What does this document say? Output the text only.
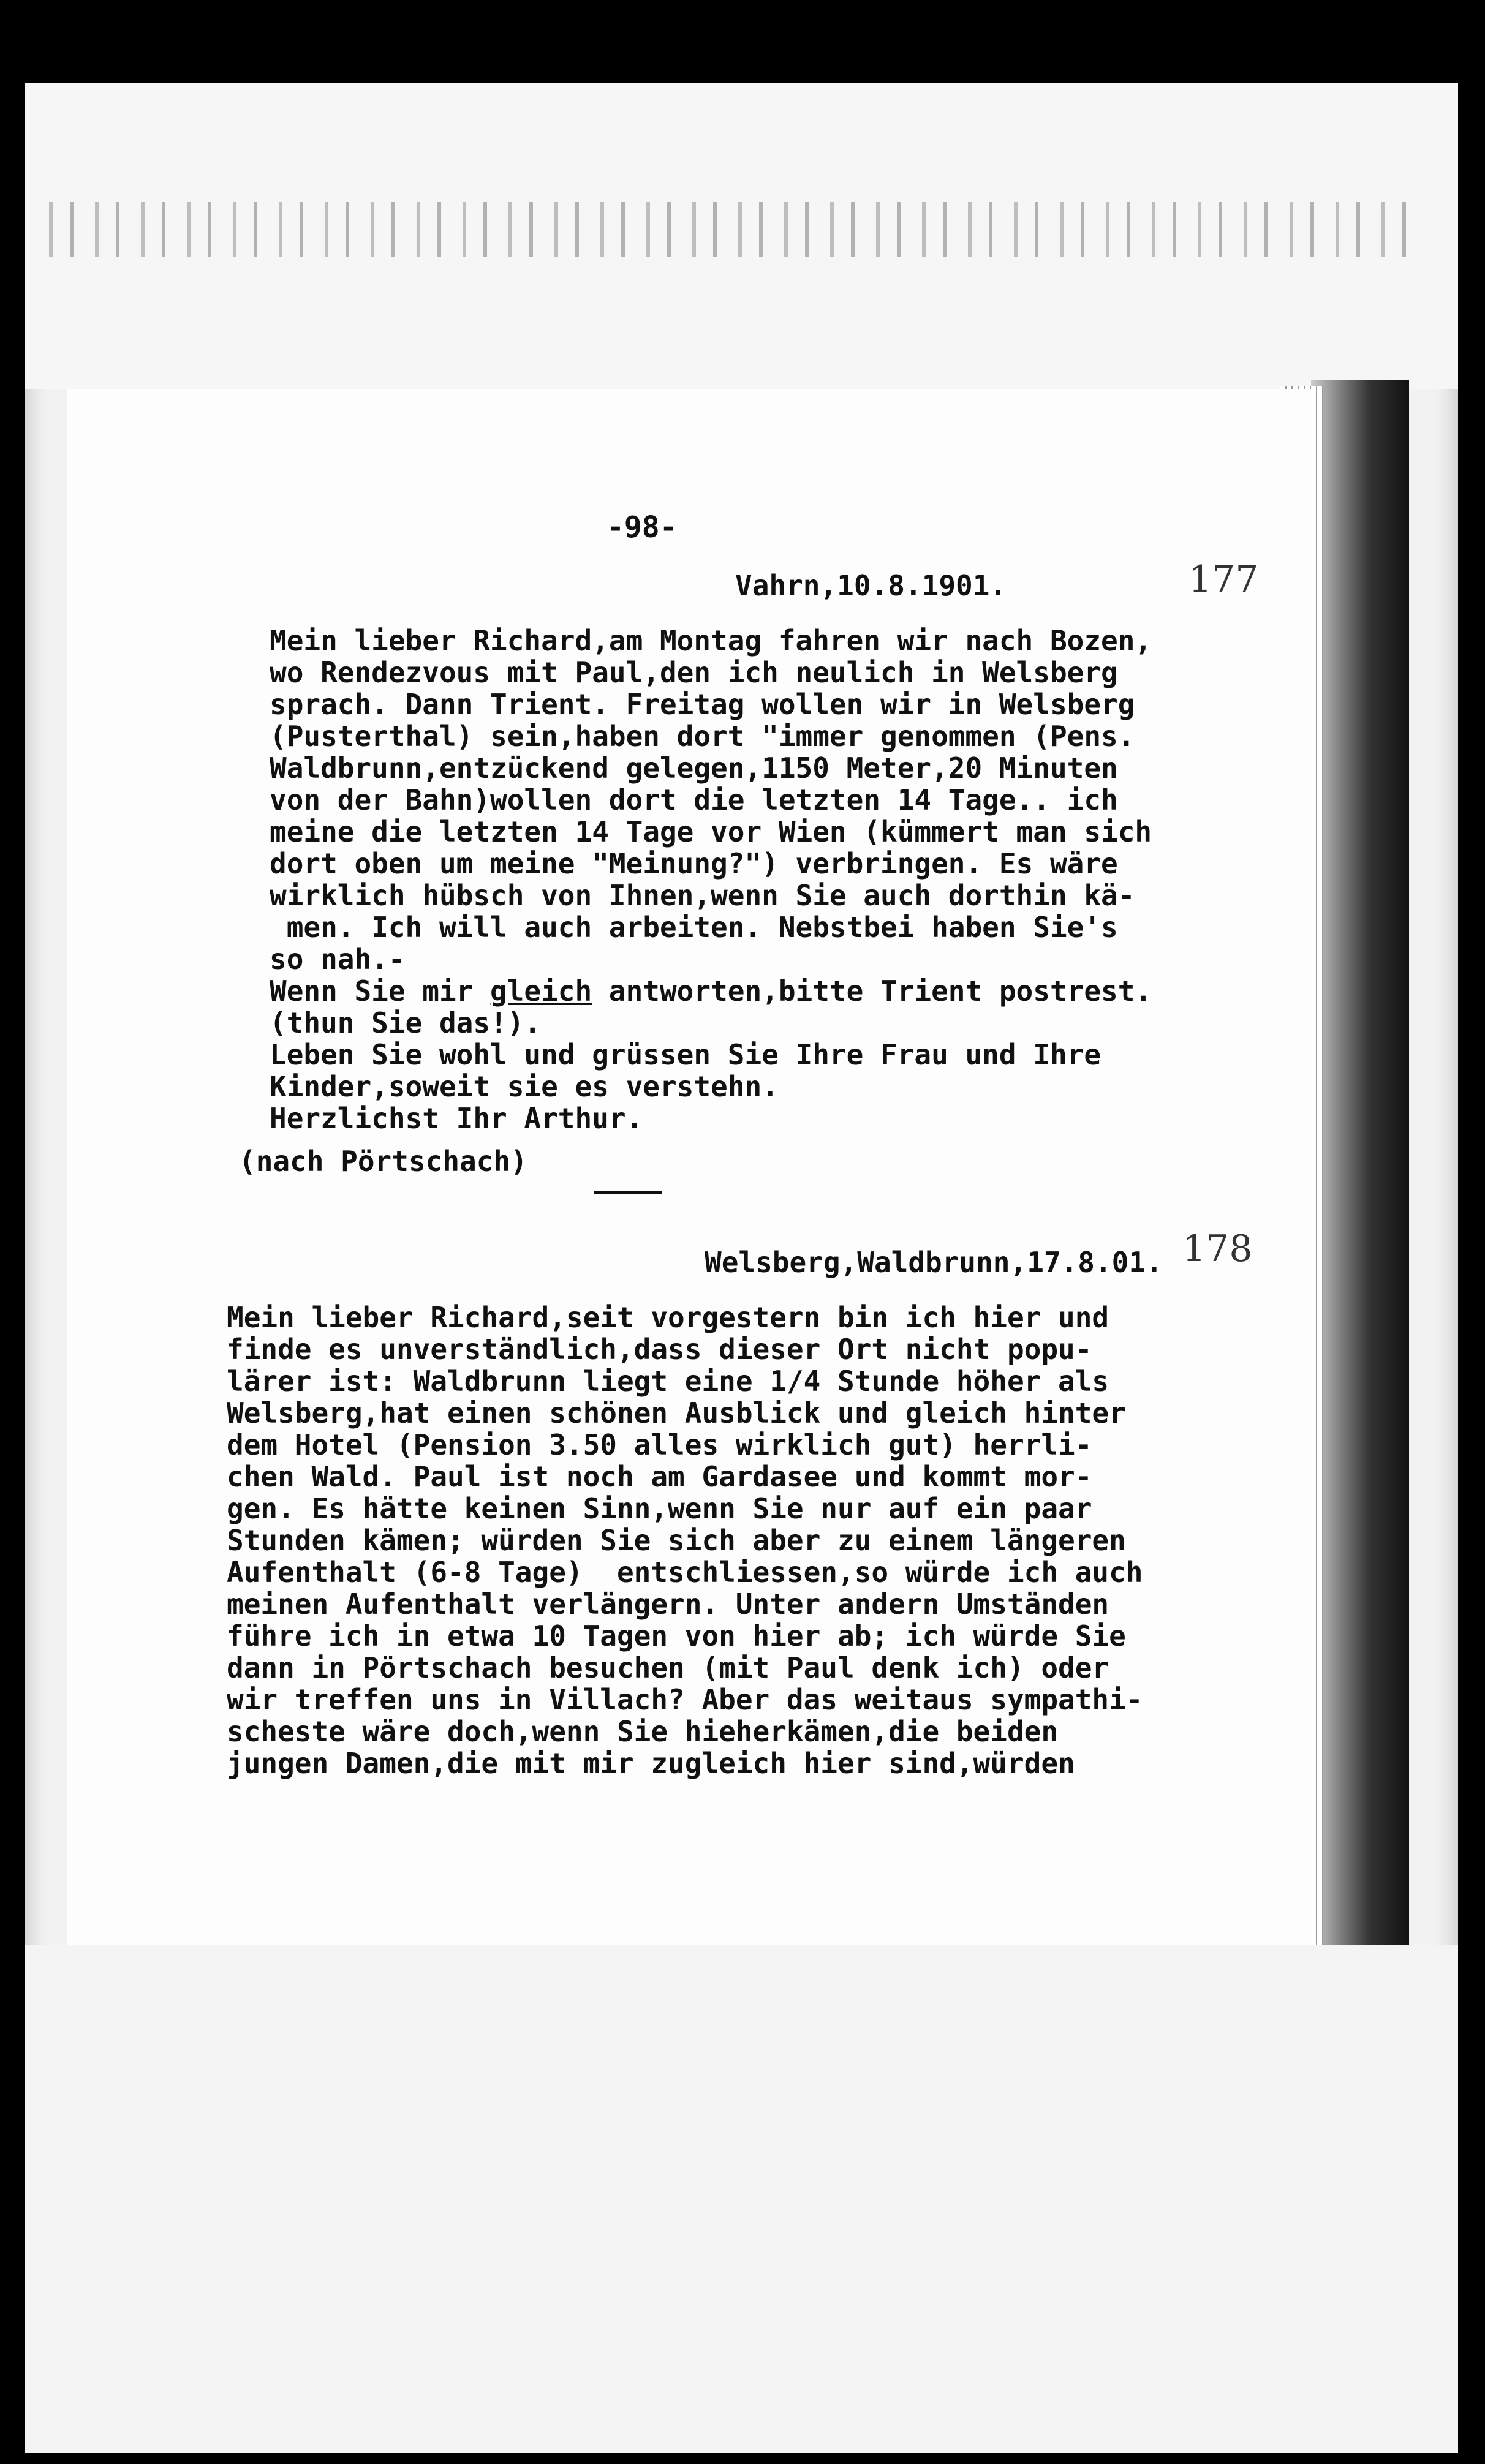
-98-
Vahrn,10.8.1901.	177
Mein lieber Richard,am Montag fahren wir nach Bozen,
wo Rendezvous mit Paul,den ich neulich in Welsberg
sprach. Dann Trient. Freitag wollen wir in Welsberg
(Pusterthal) sein,haben dort "immer genommen (Pens.
Waldbrunn,entzückend gelegen,1150 Meter,20 Minuten
von der Bahn)wollen dort die letzten 14 Tage.. ich
meine die letzten 14 Tage vor Wien (kümmert man sich
dort oben um meine "Meinung?") verbringen. Es wäre
wirklich hübsch von Ihnen,wenn Sie auch dorthin kä-
men. Ich will auch arbeiten. Nebstbei haben Sie's
so nah.-
Wenn Sie mir gleich antworten,bitte Trient postrest.
(thun Sie das!).
Leben Sie wohl und grüssen Sie Ihre Frau und Ihre
Kinder,soweit sie es verstehn.
Herzlichst Ihr Arthur.
(nach Pörtschach)
Welsberg,Waldbrunn,17.8.01. 178
Mein lieber Richard,seit vorgestern bin ich hier und
finde es unverständlich,dass dieser Ort nicht popu-
lärer ist: Waldbrunn liegt eine 1/4 Stunde höher als
Welsberg,hat einen schönen Ausblick und gleich hinter
dem Hotel (Pension 3.50 alles wirklich gut) herrli-
chen Wald. Paul ist noch am Gardasee und kommt mor-
gen. Es hätte keinen Sinn,wenn Sie nur auf ein paar
Stunden kämen; würden Sie sich aber zu einem längeren
Aufenthalt (6-8 Tage)  entschliessen,so würde ich auch
meinen Aufenthalt verlängern. Unter andern Umständen
führe ich in etwa 10 Tagen von hier ab; ich würde Sie
dann in Pörtschach besuchen (mit Paul denk ich) oder
wir treffen uns in Villach? Aber das weitaus sympathi-
scheste wäre doch,wenn Sie hieherkämen,die beiden
jungen Damen,die mit mir zugleich hier sind,würden
